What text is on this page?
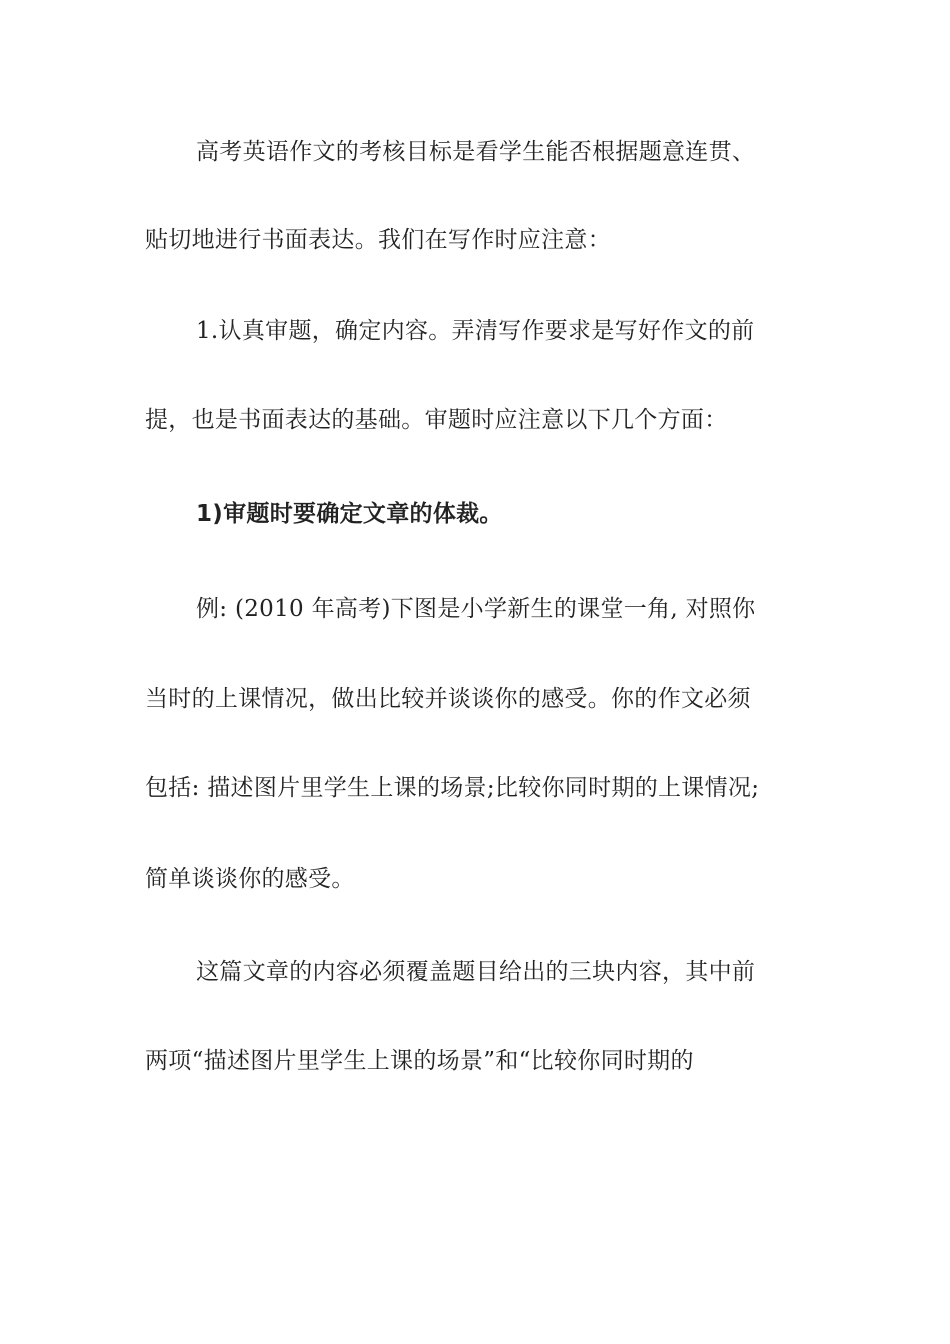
高考英语作文的考核目标是看学生能否根据题意连贯、
贴切地进行书面表达。我们在写作时应注意：
1.认真审题，确定内容。弄清写作要求是写好作文的前
提，也是书面表达的基础。审题时应注意以下几个方面：
1)审题时要确定文章的体裁。
例: (2010 年高考)下图是小学新生的课堂一角, 对照你
当时的上课情况，做出比较并谈谈你的感受。你的作文必须
包括: 描述图片里学生上课的场景;比较你同时期的上课情况;
简单谈谈你的感受。
这篇文章的内容必须覆盖题目给出的三块内容，其中前
两项“描述图片里学生上课的场景”和“比较你同时期的
